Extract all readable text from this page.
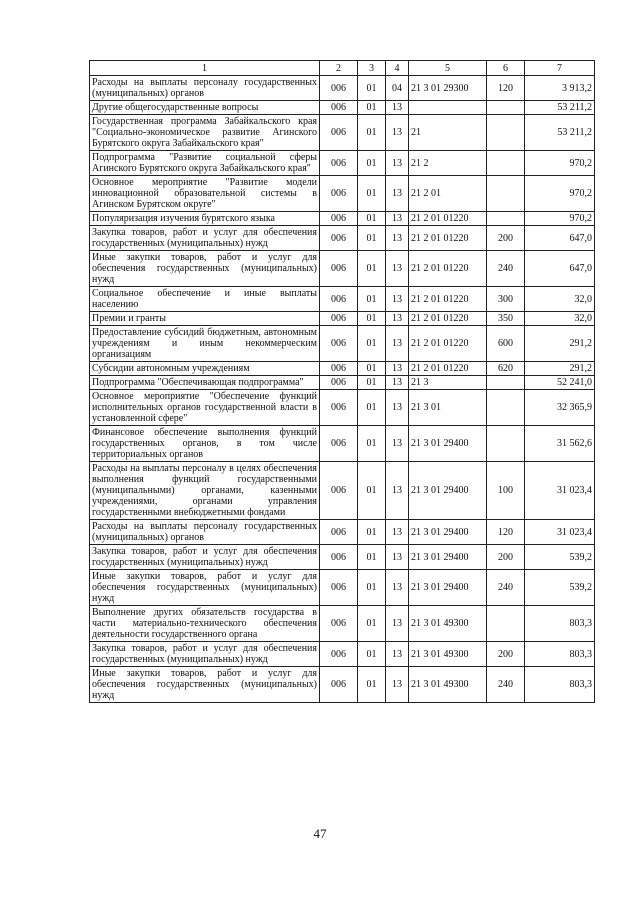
1	2	3	4	5	6	7
Расходы на выплаты персоналу государственных (муниципальных) органов	006	01	04	21 3 01 29300	120	3 913,2
Другие общегосударственные вопросы	006	01	13			53 211,2
Государственная программа Забайкальского края "Социально-экономическое развитие Агинского Бурятского округа Забайкальского края"	006	01	13	21		53 211,2
Подпрограмма "Развитие социальной сферы Агинского Бурятского округа Забайкальского края"	006	01	13	21 2		970,2
Основное мероприятие "Развитие модели инновационной образовательной системы в Агинском Бурятском округе"	006	01	13	21 2 01		970,2
Популяризация изучения бурятского языка	006	01	13	21 2 01 01220		970,2
Закупка товаров, работ и услуг для обеспечения государственных (муниципальных) нужд	006	01	13	21 2 01 01220	200	647,0
Иные закупки товаров, работ и услуг для обеспечения государственных (муниципальных) нужд	006	01	13	21 2 01 01220	240	647,0
Социальное обеспечение и иные выплаты населению	006	01	13	21 2 01 01220	300	32,0
Премии и гранты	006	01	13	21 2 01 01220	350	32,0
Предоставление субсидий бюджетным, автономным учреждениям и иным некоммерческим организациям	006	01	13	21 2 01 01220	600	291,2
Субсидии автономным учреждениям	006	01	13	21 2 01 01220	620	291,2
Подпрограмма "Обеспечивающая подпрограмма"	006	01	13	21 3		52 241,0
Основное мероприятие "Обеспечение функций исполнительных органов государственной власти в установленной сфере"	006	01	13	21 3 01		32 365,9
Финансовое обеспечение выполнения функций государственных органов, в том числе территориальных органов	006	01	13	21 3 01 29400		31 562,6
Расходы на выплаты персоналу в целях обеспечения выполнения функций государственными (муниципальными) органами, казенными учреждениями, органами управления государственными внебюджетными фондами	006	01	13	21 3 01 29400	100	31 023,4
Расходы на выплаты персоналу государственных (муниципальных) органов	006	01	13	21 3 01 29400	120	31 023,4
Закупка товаров, работ и услуг для обеспечения государственных (муниципальных) нужд	006	01	13	21 3 01 29400	200	539,2
Иные закупки товаров, работ и услуг для обеспечения государственных (муниципальных) нужд	006	01	13	21 3 01 29400	240	539,2
Выполнение других обязательств государства в части материально-технического обеспечения деятельности государственного органа	006	01	13	21 3 01 49300		803,3
Закупка товаров, работ и услуг для обеспечения государственных (муниципальных) нужд	006	01	13	21 3 01 49300	200	803,3
Иные закупки товаров, работ и услуг для обеспечения государственных (муниципальных) нужд	006	01	13	21 3 01 49300	240	803,3
47
